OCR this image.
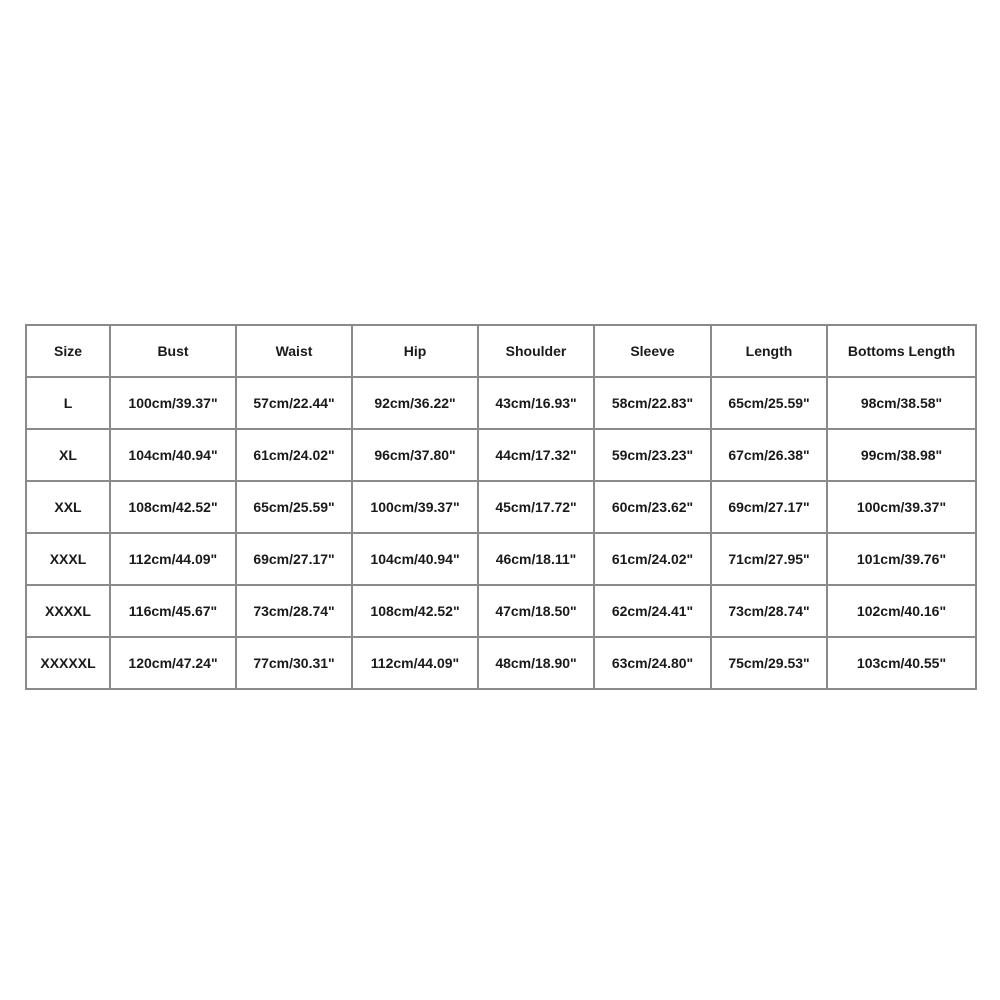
Size	Bust	Waist	Hip	Shoulder	Sleeve	Length	Bottoms Length
L	100cm/39.37"	57cm/22.44"	92cm/36.22"	43cm/16.93"	58cm/22.83"	65cm/25.59"	98cm/38.58"
XL	104cm/40.94"	61cm/24.02"	96cm/37.80"	44cm/17.32"	59cm/23.23"	67cm/26.38"	99cm/38.98"
XXL	108cm/42.52"	65cm/25.59"	100cm/39.37"	45cm/17.72"	60cm/23.62"	69cm/27.17"	100cm/39.37"
XXXL	112cm/44.09"	69cm/27.17"	104cm/40.94"	46cm/18.11"	61cm/24.02"	71cm/27.95"	101cm/39.76"
XXXXL	116cm/45.67"	73cm/28.74"	108cm/42.52"	47cm/18.50"	62cm/24.41"	73cm/28.74"	102cm/40.16"
XXXXXL	120cm/47.24"	77cm/30.31"	112cm/44.09"	48cm/18.90"	63cm/24.80"	75cm/29.53"	103cm/40.55"
